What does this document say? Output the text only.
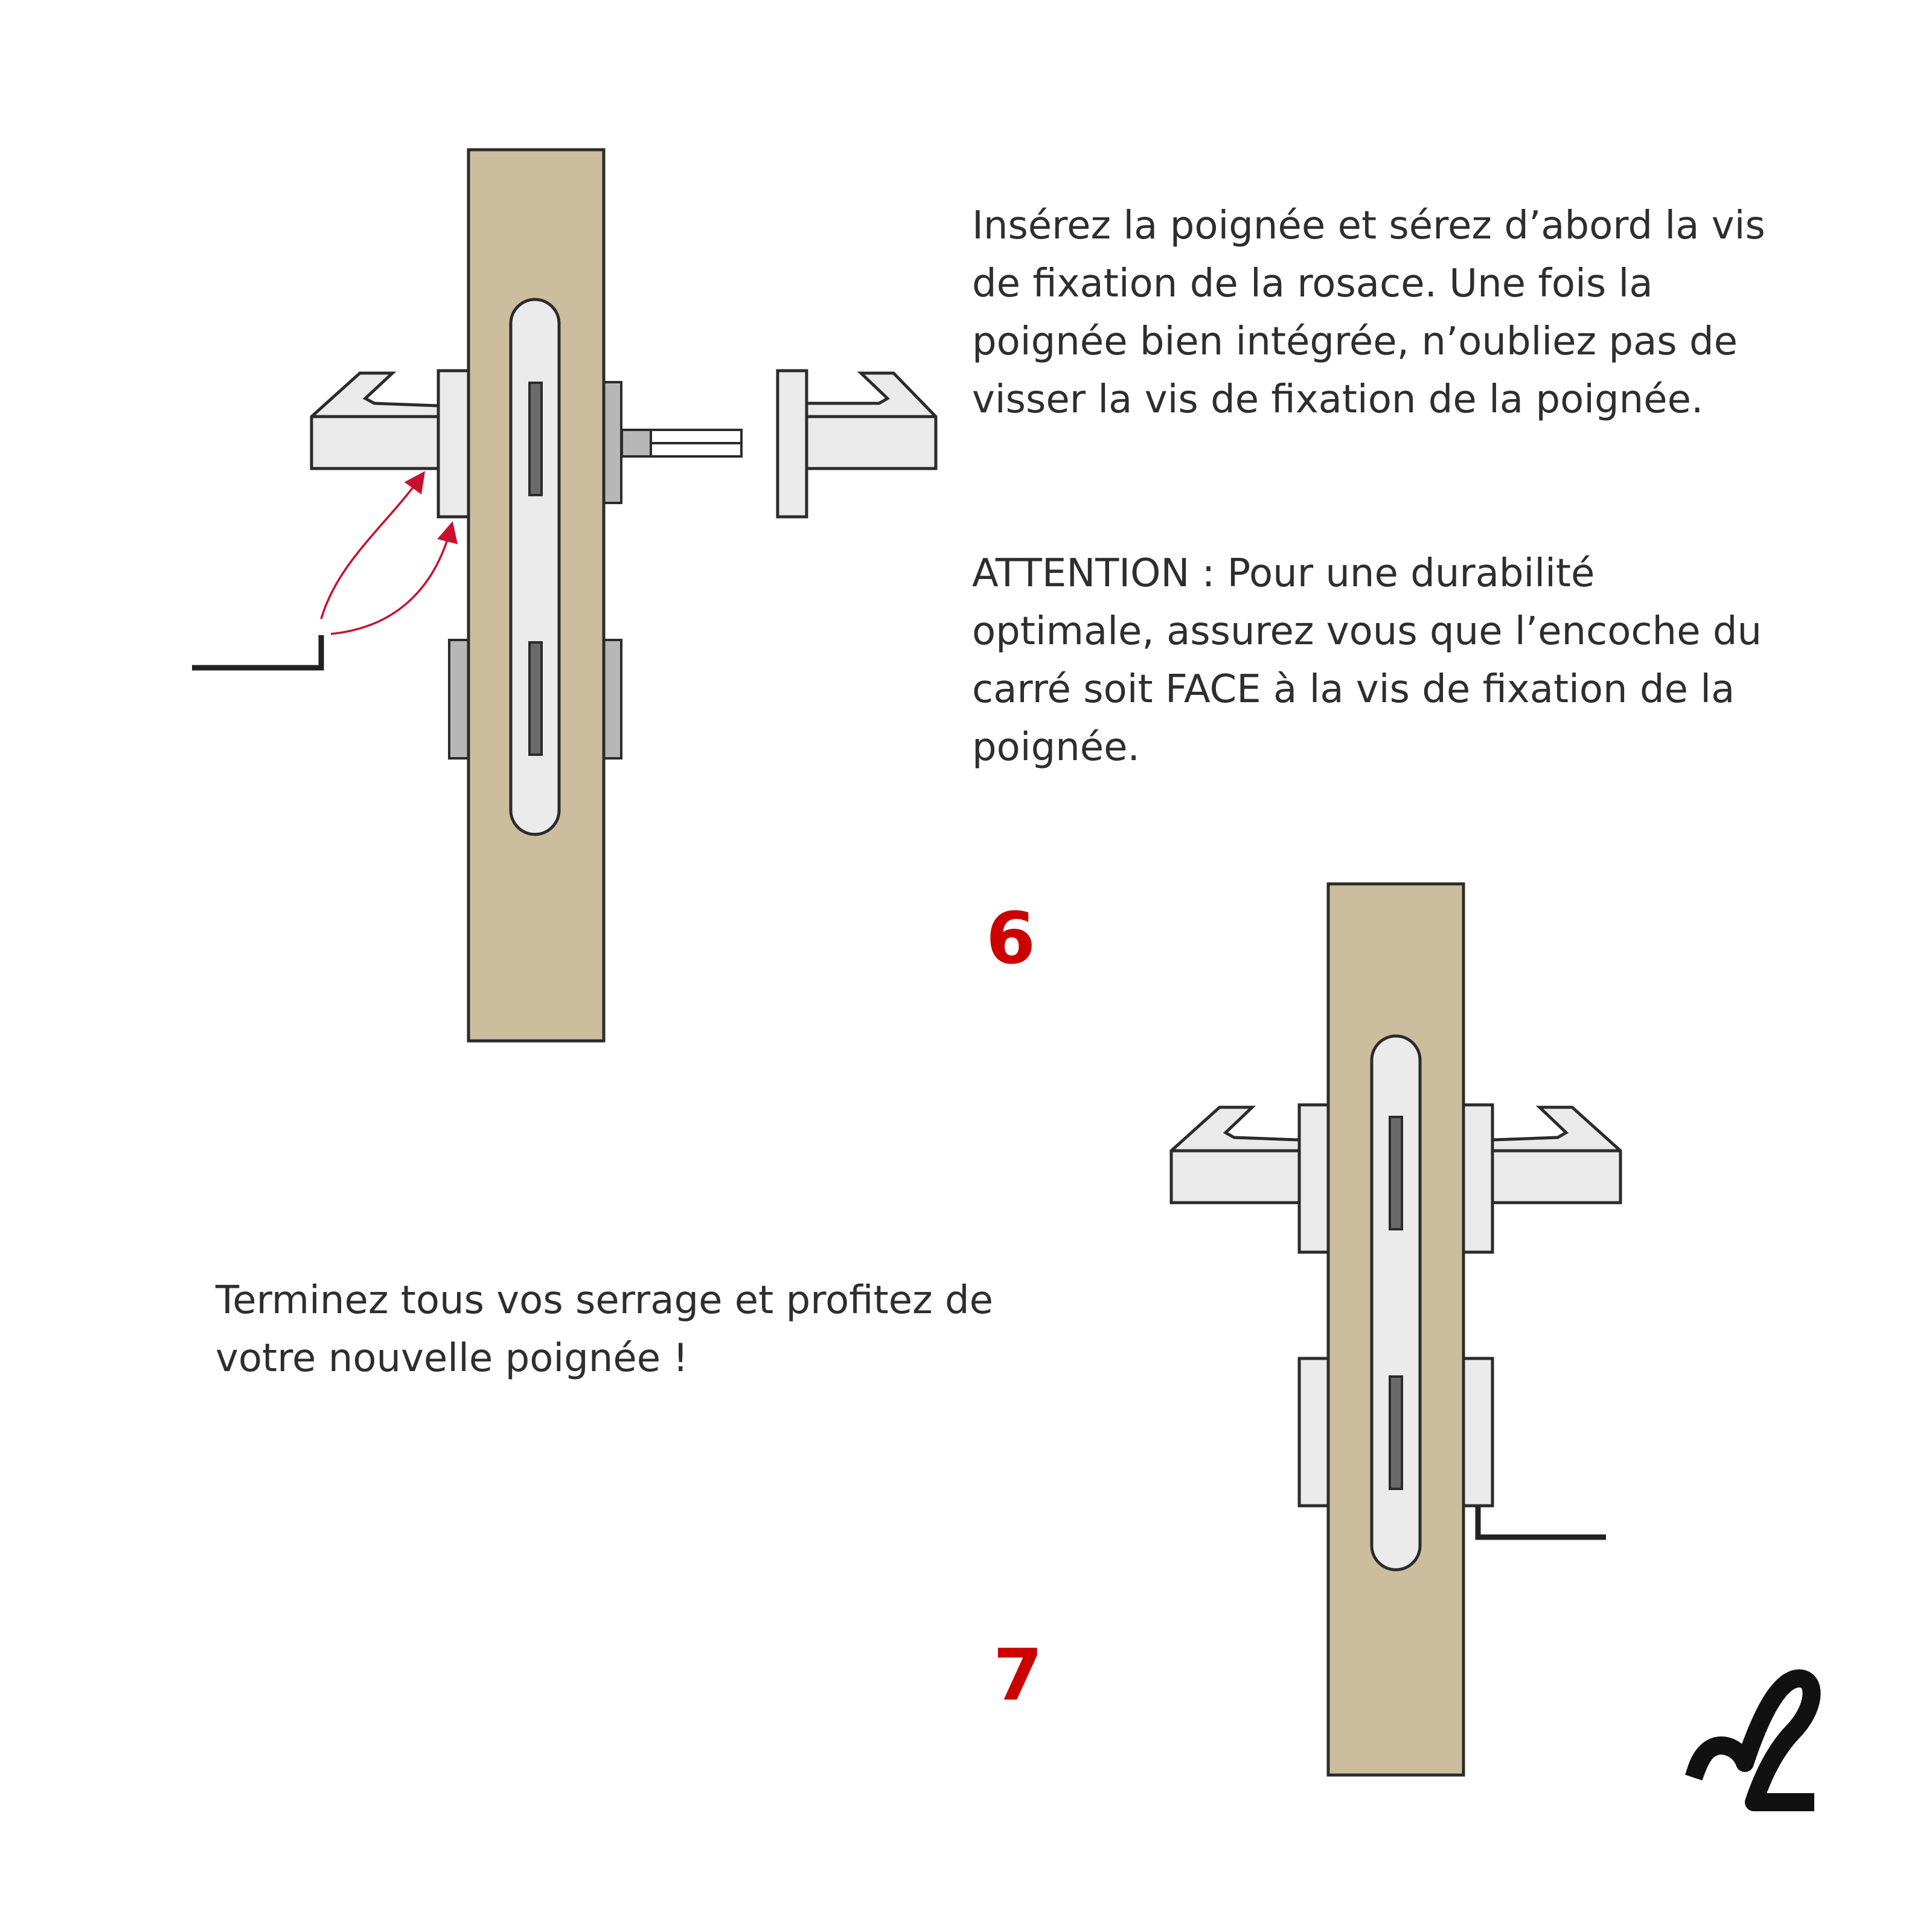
Insérez la poignée et sérez d’abord la vis
de fixation de la rosace. Une fois la
poignée bien intégrée, n’oubliez pas de
visser la vis de fixation de la poignée.

ATTENTION : Pour une durabilité
optimale, assurez vous que l’encoche du
carré soit FACE à la vis de fixation de la
poignée.

6

Terminez tous vos serrage et profitez de
votre nouvelle poignée !

7
